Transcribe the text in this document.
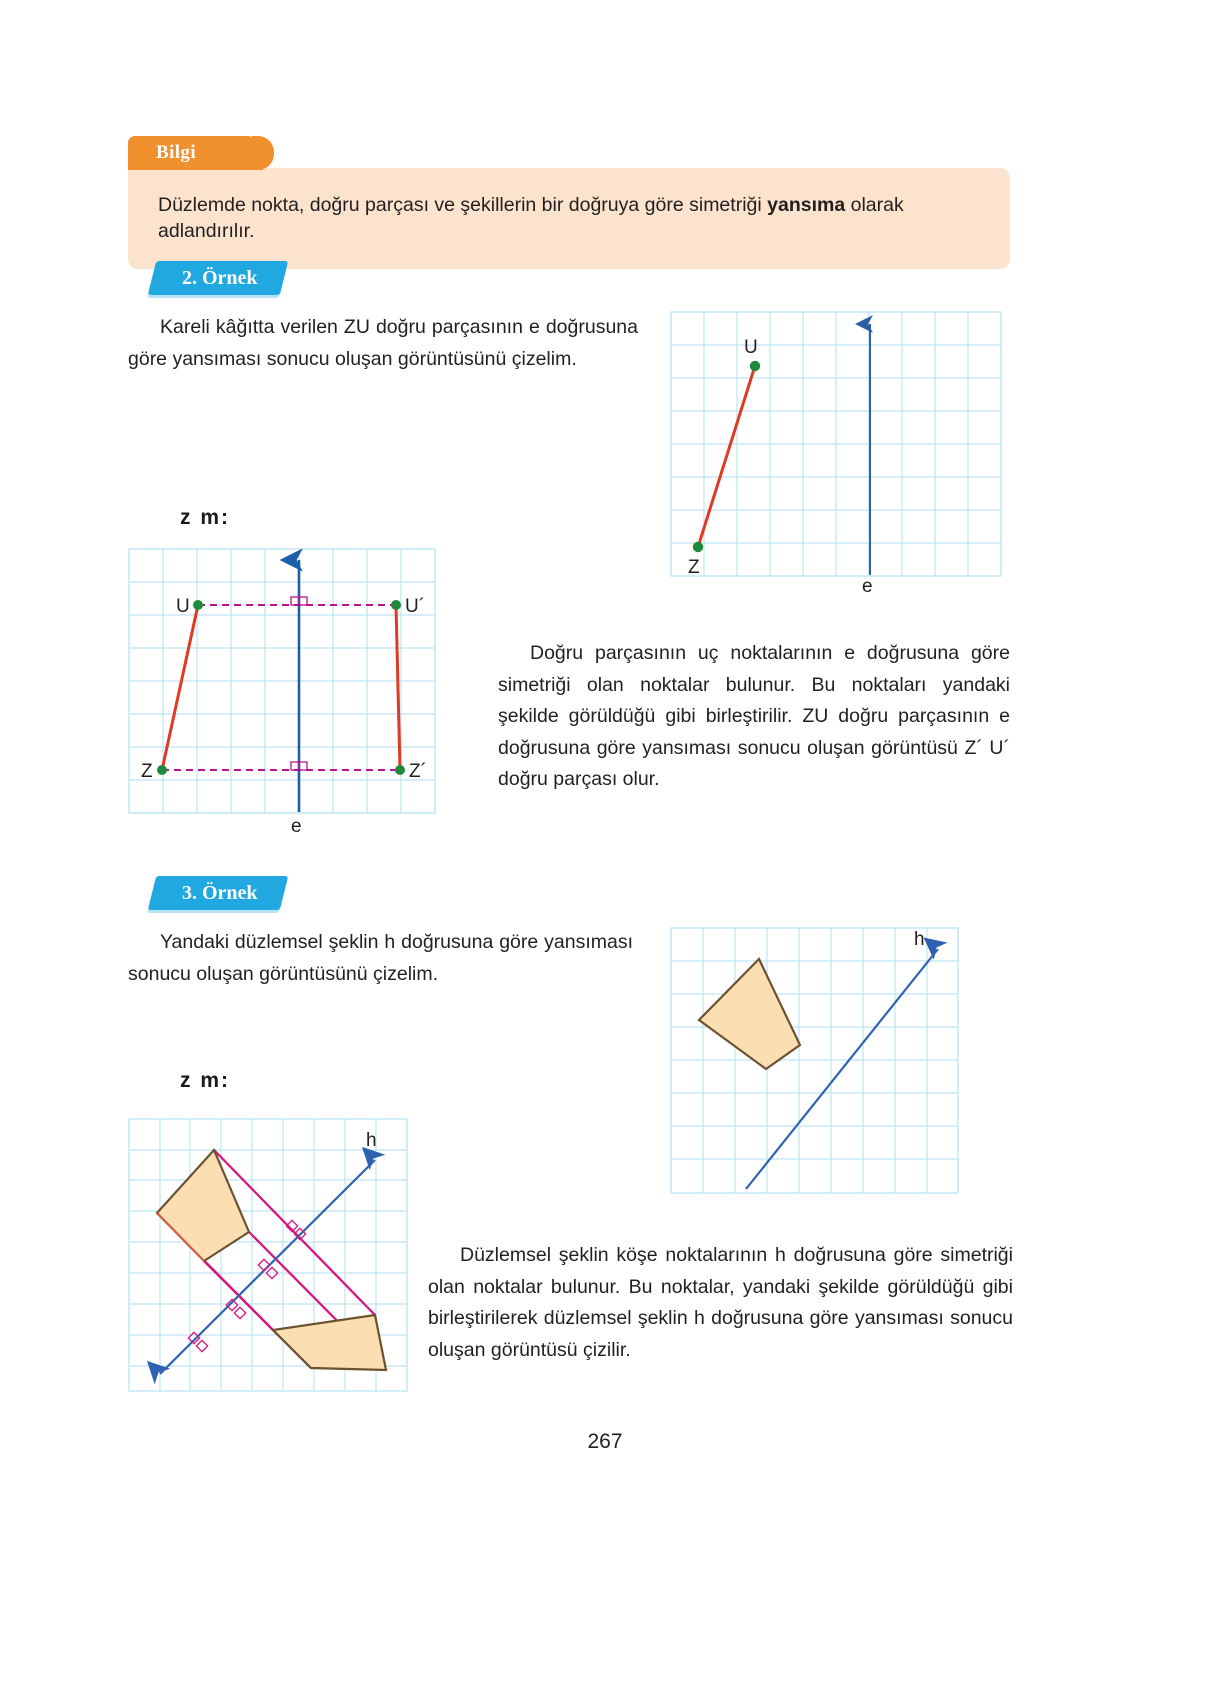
Bilgi
Düzlemde nokta, doğru parçası ve şekillerin bir doğruya göre simetriği yansıma olarak adlandırılır.
2. Örnek
Kareli kâğıtta verilen ZU doğru parçasının e doğrusuna göre yansıması sonucu oluşan görüntüsünü çizelim.
U
Z
e
z m:
U	U´
Z	Z´
e
Doğru parçasının uç noktalarının e doğrusuna göre simetriği olan noktalar bulunur. Bu noktaları yandaki şekilde görüldüğü gibi birleştirilir. ZU doğru parçasının e doğrusuna göre yansıması sonucu oluşan görüntüsü Z´ U´ doğru parçası olur.
3. Örnek
Yandaki düzlemsel şeklin h doğrusuna göre yansıması sonucu oluşan görüntüsünü çizelim.
h
z m:
h
Düzlemsel şeklin köşe noktalarının h doğrusuna göre simetriği olan noktalar bulunur. Bu noktalar, yandaki şekilde görüldüğü gibi birleştirilerek düzlemsel şeklin h doğrusuna göre yansıması sonucu oluşan görüntüsü çizilir.
267
